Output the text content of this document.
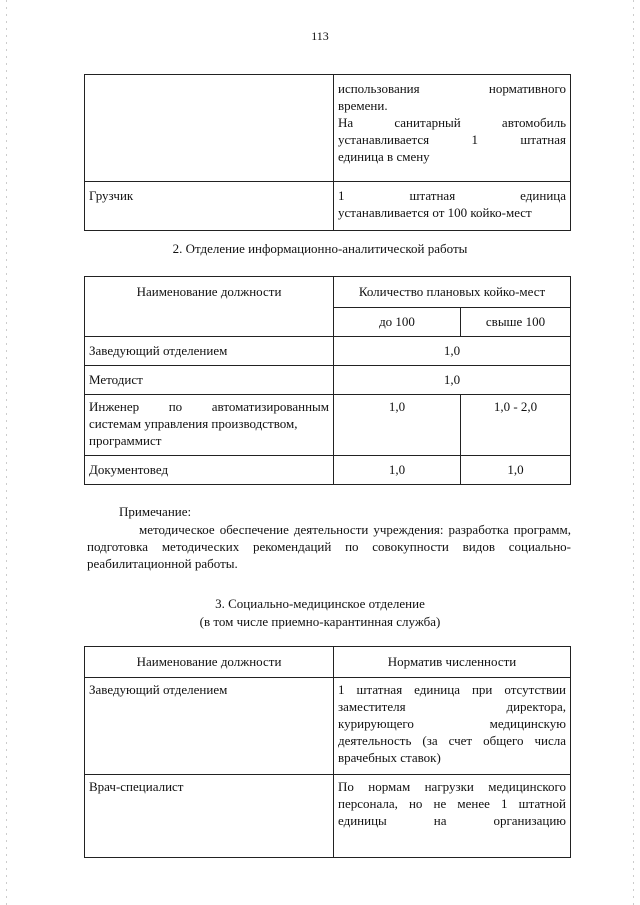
113

	использования нормативного
времени.
На санитарный автомобиль
устанавливается 1 штатная
единица в смену

Грузчик	1 штатная единица
устанавливается от 100 койко-мест
2. Отделение информационно-аналитической работы
Наименование должности	Количество плановых койко-мест	
	до 100	свыше 100
Заведующий отделением	1,0	
Методист	1,0	

Инженер по автоматизированным
системам управления производством,
программист	1,0	1,0 - 2,0
Документовед	1,0	1,0
Примечание:
методическое обеспечение деятельности учреждения: разработка программ, подготовка методических рекомендаций по совокупности видов социально-реабилитационной работы.
3. Социально-медицинское отделение
(в том числе приемно-карантинная служба)
Наименование должности	Норматив численности
Заведующий отделением	1 штатная единица при отсутствии
заместителя директора,
курирующего медицинскую
деятельность (за счет общего числа
врачебных ставок)

Врач-специалист	По нормам нагрузки медицинского
персонала, но не менее 1 штатной
единицы на организацию
